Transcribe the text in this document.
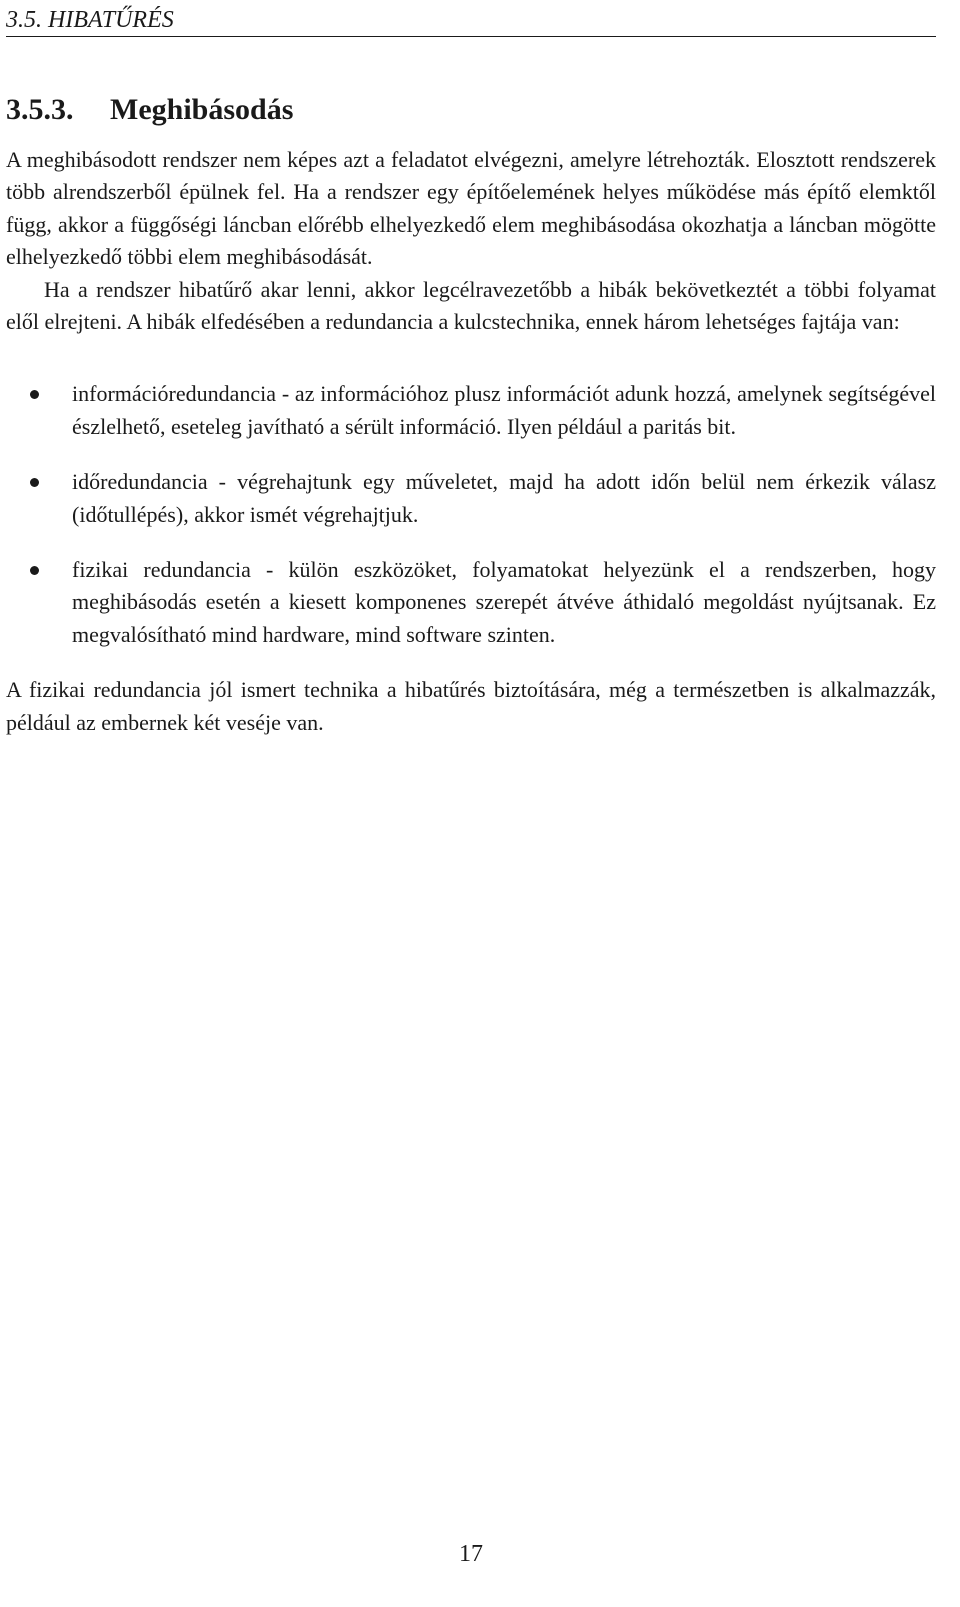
3.5. HIBATŰRÉS
3.5.3. Meghibásodás

A meghibásodott rendszer nem képes azt a feladatot elvégezni, amelyre létrehozták. Elosztott rendszerek több alrendszerből épülnek fel. Ha a rendszer egy építőelemének helyes működése más építő elemktől függ, akkor a függőségi láncban előrébb elhelyezkedő elem meghibásodása okozhatja a láncban mögötte elhelyezkedő többi elem meghibásodását.

Ha a rendszer hibatűrő akar lenni, akkor legcélravezetőbb a hibák bekövetkeztét a többi folyamat elől elrejteni. A hibák elfedésében a redundancia a kulcstechnika, ennek három lehetséges fajtája van:

információredundancia - az információhoz plusz információt adunk hozzá, amelynek segítségével észlelhető, eseteleg javítható a sérült információ. Ilyen például a paritás bit.

időredundancia - végrehajtunk egy műveletet, majd ha adott időn belül nem érkezik válasz (időtullépés), akkor ismét végrehajtjuk.

fizikai redundancia - külön eszközöket, folyamatokat helyezünk el a rendszerben, hogy meghibásodás esetén a kiesett komponenes szerepét átvéve áthidaló megoldást nyújtsanak. Ez megvalósítható mind hardware, mind software szinten.

A fizikai redundancia jól ismert technika a hibatűrés biztoítására, még a természetben is alkalmazzák, például az embernek két veséje van.

17
